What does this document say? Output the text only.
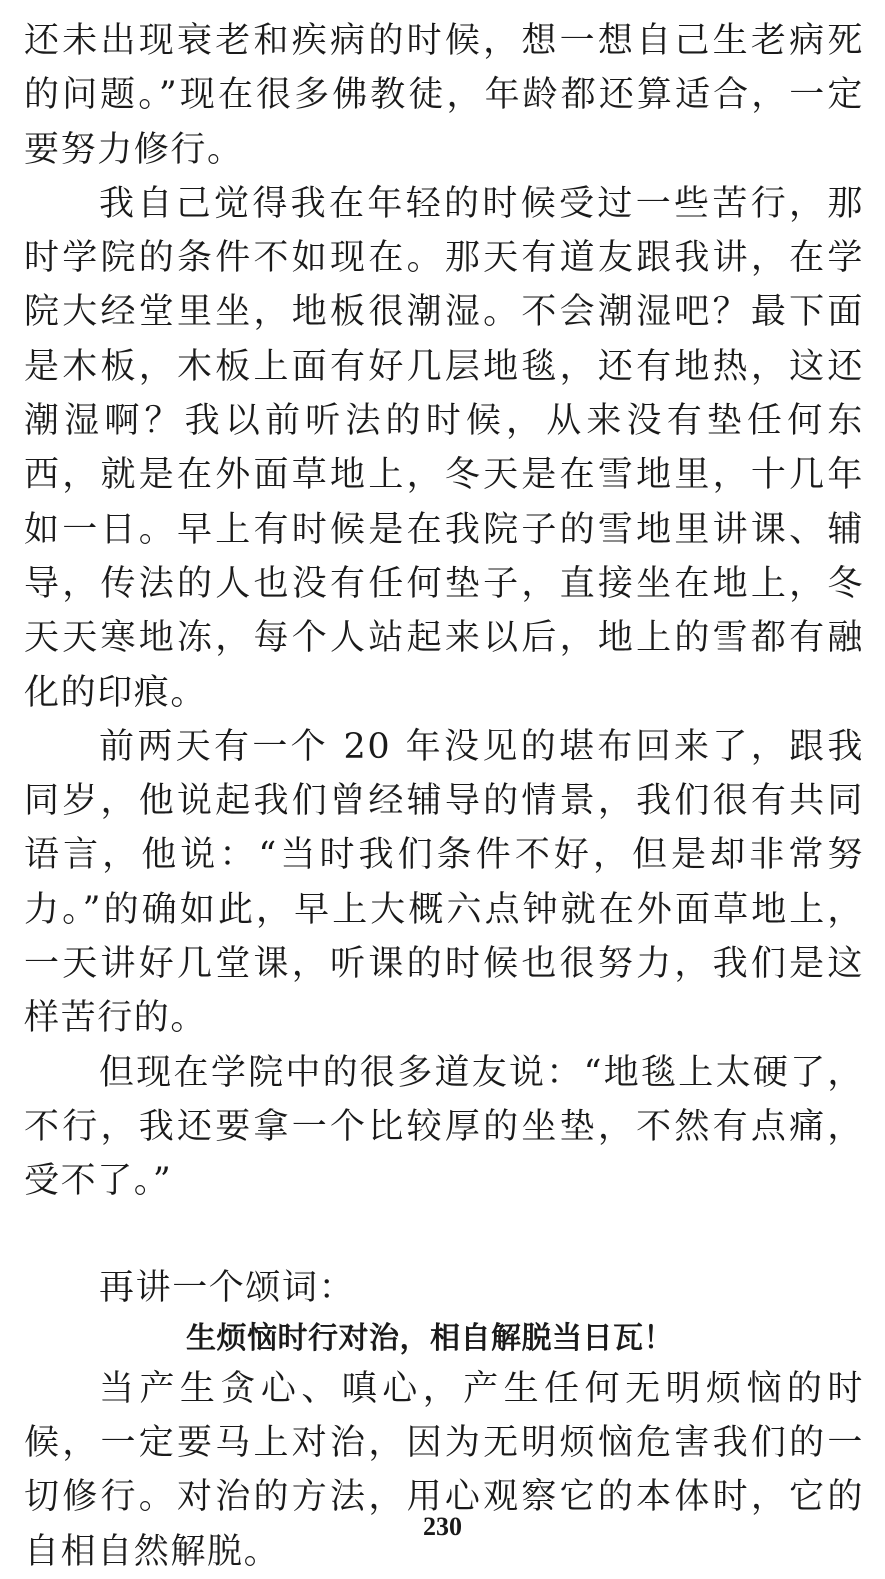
还未出现衰老和疾病的时候，想一想自己生老病死的问题。”现在很多佛教徒，年龄都还算适合，一定要努力修行。

我自己觉得我在年轻的时候受过一些苦行，那时学院的条件不如现在。那天有道友跟我讲，在学院大经堂里坐，地板很潮湿。不会潮湿吧？最下面是木板，木板上面有好几层地毯，还有地热，这还潮湿啊？我以前听法的时候，从来没有垫任何东西，就是在外面草地上，冬天是在雪地里，十几年如一日。早上有时候是在我院子的雪地里讲课、辅导，传法的人也没有任何垫子，直接坐在地上，冬天天寒地冻，每个人站起来以后，地上的雪都有融化的印痕。

前两天有一个 20 年没见的堪布回来了，跟我同岁，他说起我们曾经辅导的情景，我们很有共同语言，他说：“当时我们条件不好，但是却非常努力。”的确如此，早上大概六点钟就在外面草地上，一天讲好几堂课，听课的时候也很努力，我们是这样苦行的。

但现在学院中的很多道友说：“地毯上太硬了，不行，我还要拿一个比较厚的坐垫，不然有点痛，受不了。”

再讲一个颂词：

生烦恼时行对治，相自解脱当日瓦！

当产生贪心、嗔心，产生任何无明烦恼的时候，一定要马上对治，因为无明烦恼危害我们的一切修行。对治的方法，用心观察它的本体时，它的自相自然解脱。

230
